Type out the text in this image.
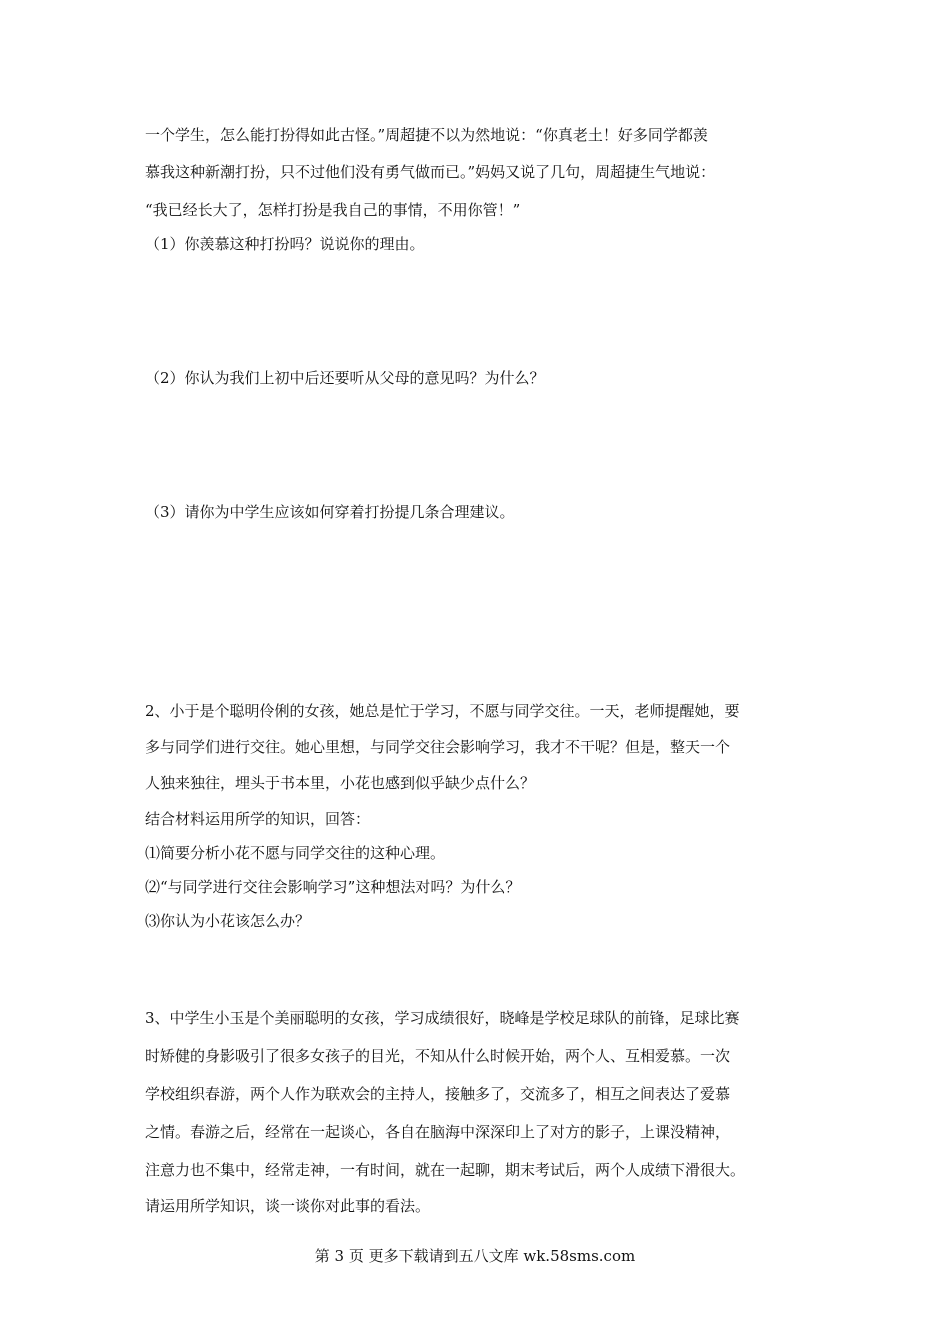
一个学生，怎么能打扮得如此古怪。”周超捷不以为然地说：“你真老土！好多同学都羡
慕我这种新潮打扮，只不过他们没有勇气做而已。”妈妈又说了几句，周超捷生气地说：
“我已经长大了，怎样打扮是我自己的事情，不用你管！”
（1）你羡慕这种打扮吗？说说你的理由。
（2）你认为我们上初中后还要听从父母的意见吗？为什么？
（3）请你为中学生应该如何穿着打扮提几条合理建议。
2、小于是个聪明伶俐的女孩，她总是忙于学习，不愿与同学交往。一天，老师提醒她，要
多与同学们进行交往。她心里想，与同学交往会影响学习，我才不干呢？但是，整天一个
人独来独往，埋头于书本里，小花也感到似乎缺少点什么？
结合材料运用所学的知识，回答：
⑴简要分析小花不愿与同学交往的这种心理。
⑵“与同学进行交往会影响学习”这种想法对吗？为什么？
⑶你认为小花该怎么办？
3、中学生小玉是个美丽聪明的女孩，学习成绩很好，晓峰是学校足球队的前锋，足球比赛
时矫健的身影吸引了很多女孩子的目光，不知从什么时候开始，两个人、互相爱慕。一次
学校组织春游，两个人作为联欢会的主持人，接触多了，交流多了，相互之间表达了爱慕
之情。春游之后，经常在一起谈心，各自在脑海中深深印上了对方的影子，上课没精神，
注意力也不集中，经常走神，一有时间，就在一起聊，期末考试后，两个人成绩下滑很大。
请运用所学知识，谈一谈你对此事的看法。
第 3 页 更多下载请到五八文库 wk.58sms.com
